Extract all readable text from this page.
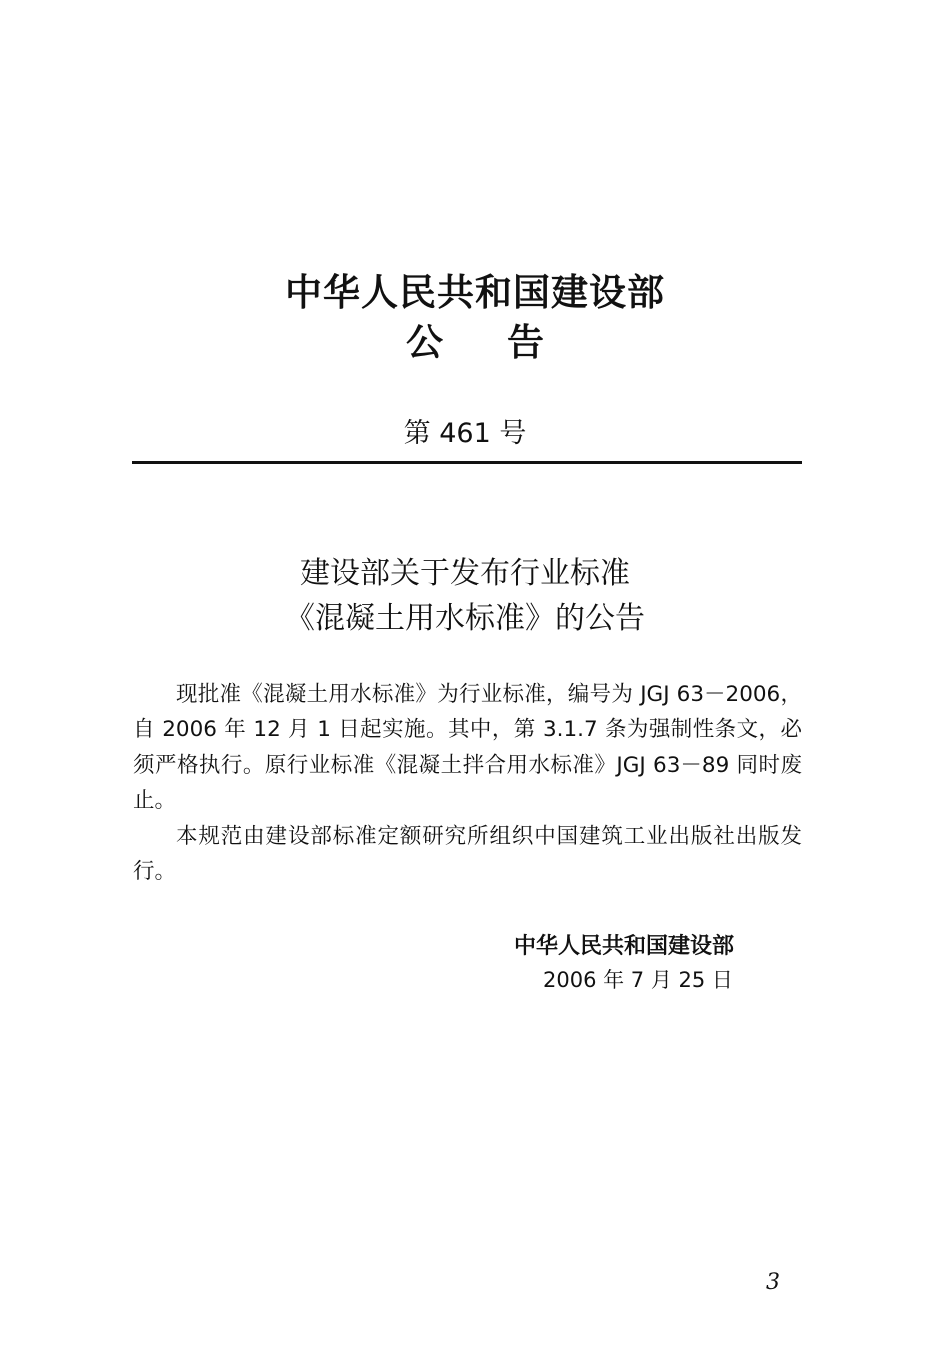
中华人民共和国建设部
公告
第 461 号
建设部关于发布行业标准
《混凝土用水标准》的公告

现批准《混凝土用水标准》为行业标准，编号为 JGJ 63－2006，自 2006 年 12 月 1 日起实施。其中，第 3.1.7 条为强制性条文，必须严格执行。原行业标准《混凝土拌合用水标准》JGJ 63－89 同时废止。

本规范由建设部标准定额研究所组织中国建筑工业出版社出版发行。

中华人民共和国建设部
2006 年 7 月 25 日
3
